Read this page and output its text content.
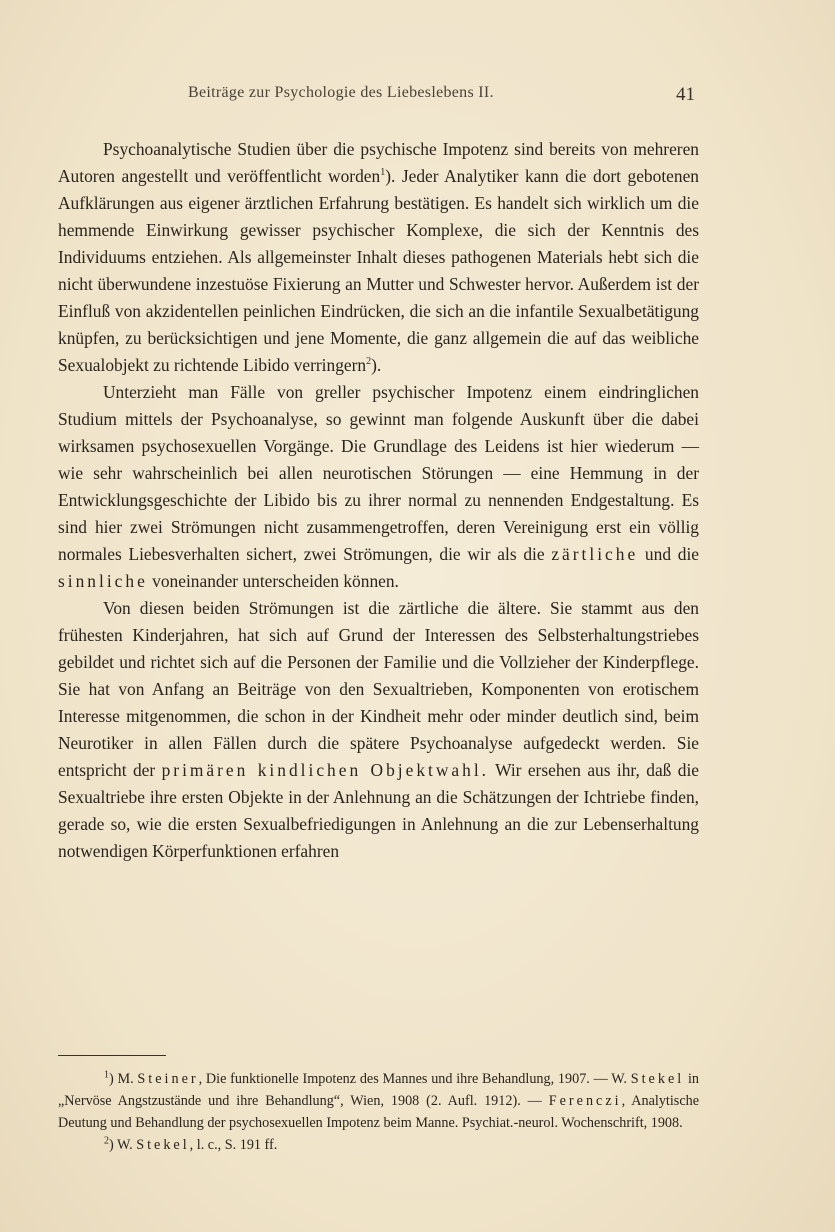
Beiträge zur Psychologie des Liebeslebens II.	41

Psychoanalytische Studien über die psychische Impotenz sind bereits von mehreren Autoren angestellt und veröffentlicht worden$^1$). Jeder Analytiker kann die dort gebotenen Aufklärungen aus eigener ärztlichen Erfahrung bestätigen. Es handelt sich wirklich um die hemmende Einwirkung gewisser psychischer Komplexe, die sich der Kenntnis des Individuums entziehen. Als allgemeinster Inhalt dieses pathogenen Materials hebt sich die nicht überwundene inzestuöse Fixierung an Mutter und Schwester hervor. Außerdem ist der Einfluß von akzidentellen peinlichen Eindrücken, die sich an die infantile Sexualbetätigung knüpfen, zu berücksichtigen und jene Momente, die ganz allgemein die auf das weibliche Sexualobjekt zu richtende Libido verringern$^2$).

Unterzieht man Fälle von greller psychischer Impotenz einem eindringlichen Studium mittels der Psychoanalyse, so gewinnt man folgende Auskunft über die dabei wirksamen psychosexuellen Vorgänge. Die Grundlage des Leidens ist hier wiederum — wie sehr wahrscheinlich bei allen neurotischen Störungen — eine Hemmung in der Entwicklungsgeschichte der Libido bis zu ihrer normal zu nennenden Endgestaltung. Es sind hier zwei Strömungen nicht zusammengetroffen, deren Vereinigung erst ein völlig normales Liebesverhalten sichert, zwei Strömungen, die wir als die zärtliche und die sinnliche voneinander unterscheiden können.

Von diesen beiden Strömungen ist die zärtliche die ältere. Sie stammt aus den frühesten Kinderjahren, hat sich auf Grund der Interessen des Selbsterhaltungstriebes gebildet und richtet sich auf die Personen der Familie und die Vollzieher der Kinderpflege. Sie hat von Anfang an Beiträge von den Sexualtrieben, Komponenten von erotischem Interesse mitgenommen, die schon in der Kindheit mehr oder minder deutlich sind, beim Neurotiker in allen Fällen durch die spätere Psychoanalyse aufgedeckt werden. Sie entspricht der primären kindlichen Objektwahl. Wir ersehen aus ihr, daß die Sexualtriebe ihre ersten Objekte in der Anlehnung an die Schätzungen der Ichtriebe finden, gerade so, wie die ersten Sexualbefriedigungen in Anlehnung an die zur Lebenserhaltung notwendigen Körperfunktionen erfahren

$^1$) M. Steiner, Die funktionelle Impotenz des Mannes und ihre Behandlung, 1907. — W. Stekel in „Nervöse Angstzustände und ihre Behandlung“, Wien, 1908 (2. Aufl. 1912). — Ferenczi, Analytische Deutung und Behandlung der psychosexuellen Impotenz beim Manne. Psychiat.-neurol. Wochenschrift, 1908.

$^2$) W. Stekel, l. c., S. 191 ff.
